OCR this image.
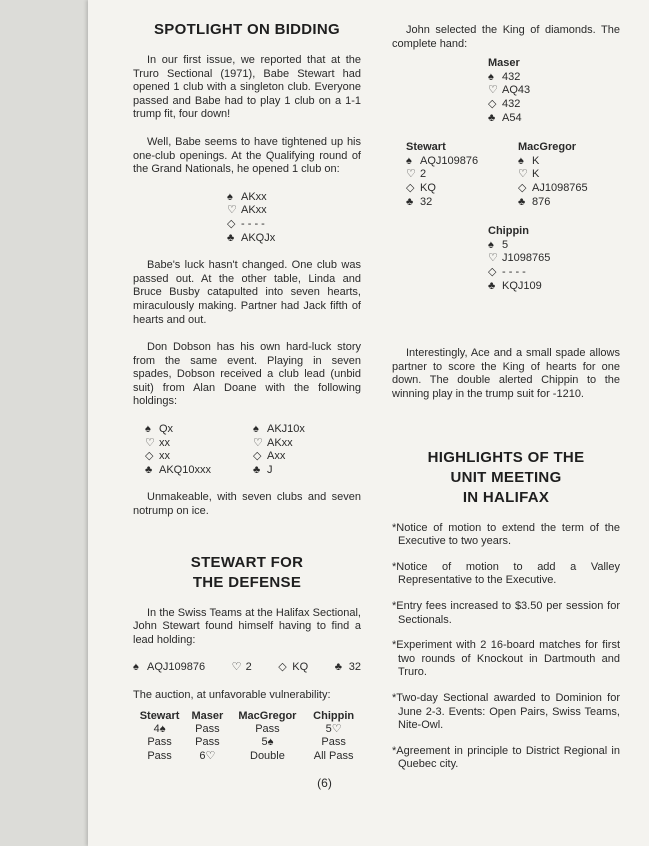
SPOTLIGHT ON BIDDING

In our first issue, we reported that at the Truro Sectional (1971), Babe Stewart had opened 1 club with a singleton club. Everyone passed and Babe had to play 1 club on a 1-1 trump fit, four down!

Well, Babe seems to have tightened up his one-club openings. At the Qualifying round of the Grand Nationals, he opened 1 club on:

♠ AKxx
♡ AKxx
◇ - - - -
♣ AKQJx

Babe's luck hasn't changed. One club was passed out. At the other table, Linda and Bruce Busby catapulted into seven hearts, miraculously making. Partner had Jack fifth of hearts and out.

Don Dobson has his own hard-luck story from the same event. Playing in seven spades, Dobson received a club lead (unbid suit) from Alan Doane with the following holdings:

♠ Qx
♡ xx
◇ xx
♣ AKQ10xxx
♠ AKJ10x
♡ AKxx
◇ Axx
♣ J

Unmakeable, with seven clubs and seven notrump on ice.

STEWART FOR
THE DEFENSE

In the Swiss Teams at the Halifax Sectional, John Stewart found himself having to find a lead holding:

♠ AQJ109876 ♡ 2 ◇ KQ ♣ 32

The auction, at unfavorable vulnerability:

Stewart	Maser	MacGregor	Chippin
4♠	Pass	Pass	5♡
Pass	Pass	5♠	Pass
Pass	6♡	Double	All Pass

John selected the King of diamonds. The complete hand:

Maser
♠ 432
♡ AQ43
◇ 432
♣ A54
Stewart
♠ AQJ109876
♡ 2
◇ KQ
♣ 32
MacGregor
♠ K
♡ K
◇ AJ1098765
♣ 876
Chippin
♠ 5
♡ J1098765
◇ - - - -
♣ KQJ109

Interestingly, Ace and a small spade allows partner to score the King of hearts for one down. The double alerted Chippin to the winning play in the trump suit for -1210.

HIGHLIGHTS OF THE
UNIT MEETING
IN HALIFAX

*Notice of motion to extend the term of the Executive to two years.

*Notice of motion to add a Valley Representative to the Executive.

*Entry fees increased to $3.50 per session for Sectionals.

*Experiment with 2 16-board matches for first two rounds of Knockout in Dartmouth and Truro.

*Two-day Sectional awarded to Dominion for June 2-3. Events: Open Pairs, Swiss Teams, Nite-Owl.

*Agreement in principle to District Regional in Quebec city.

(6)
